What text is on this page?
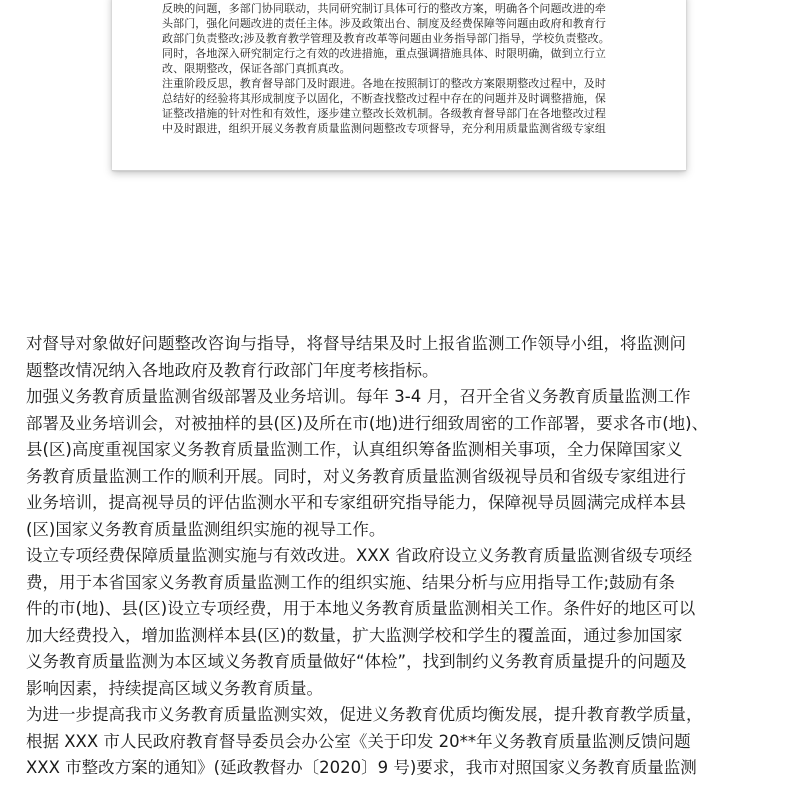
反映的问题，多部门协同联动，共同研究制订具体可行的整改方案，明确各个问题改进的牵
头部门，强化问题改进的责任主体。涉及政策出台、制度及经费保障等问题由政府和教育行
政部门负责整改;涉及教育教学管理及教育改革等问题由业务指导部门指导，学校负责整改。
同时，各地深入研究制定行之有效的改进措施，重点强调措施具体、时限明确，做到立行立
改、限期整改，保证各部门真抓真改。
注重阶段反思，教育督导部门及时跟进。各地在按照制订的整改方案限期整改过程中，及时
总结好的经验将其形成制度予以固化，不断查找整改过程中存在的问题并及时调整措施，保
证整改措施的针对性和有效性，逐步建立整改长效机制。各级教育督导部门在各地整改过程
中及时跟进，组织开展义务教育质量监测问题整改专项督导，充分利用质量监测省级专家组
对督导对象做好问题整改咨询与指导，将督导结果及时上报省监测工作领导小组，将监测问
题整改情况纳入各地政府及教育行政部门年度考核指标。
加强义务教育质量监测省级部署及业务培训。每年 3-4 月，召开全省义务教育质量监测工作
部署及业务培训会，对被抽样的县(区)及所在市(地)进行细致周密的工作部署，要求各市(地)、
县(区)高度重视国家义务教育质量监测工作，认真组织筹备监测相关事项，全力保障国家义
务教育质量监测工作的顺利开展。同时，对义务教育质量监测省级视导员和省级专家组进行
业务培训，提高视导员的评估监测水平和专家组研究指导能力，保障视导员圆满完成样本县
(区)国家义务教育质量监测组织实施的视导工作。
设立专项经费保障质量监测实施与有效改进。XXX 省政府设立义务教育质量监测省级专项经
费，用于本省国家义务教育质量监测工作的组织实施、结果分析与应用指导工作;鼓励有条
件的市(地)、县(区)设立专项经费，用于本地义务教育质量监测相关工作。条件好的地区可以
加大经费投入，增加监测样本县(区)的数量，扩大监测学校和学生的覆盖面，通过参加国家
义务教育质量监测为本区域义务教育质量做好“体检”，找到制约义务教育质量提升的问题及
影响因素，持续提高区域义务教育质量。
为进一步提高我市义务教育质量监测实效，促进义务教育优质均衡发展，提升教育教学质量，
根据 XXX 市人民政府教育督导委员会办公室《关于印发 20**年义务教育质量监测反馈问题
XXX 市整改方案的通知》(延政教督办〔2020〕9 号)要求，我市对照国家义务教育质量监测
